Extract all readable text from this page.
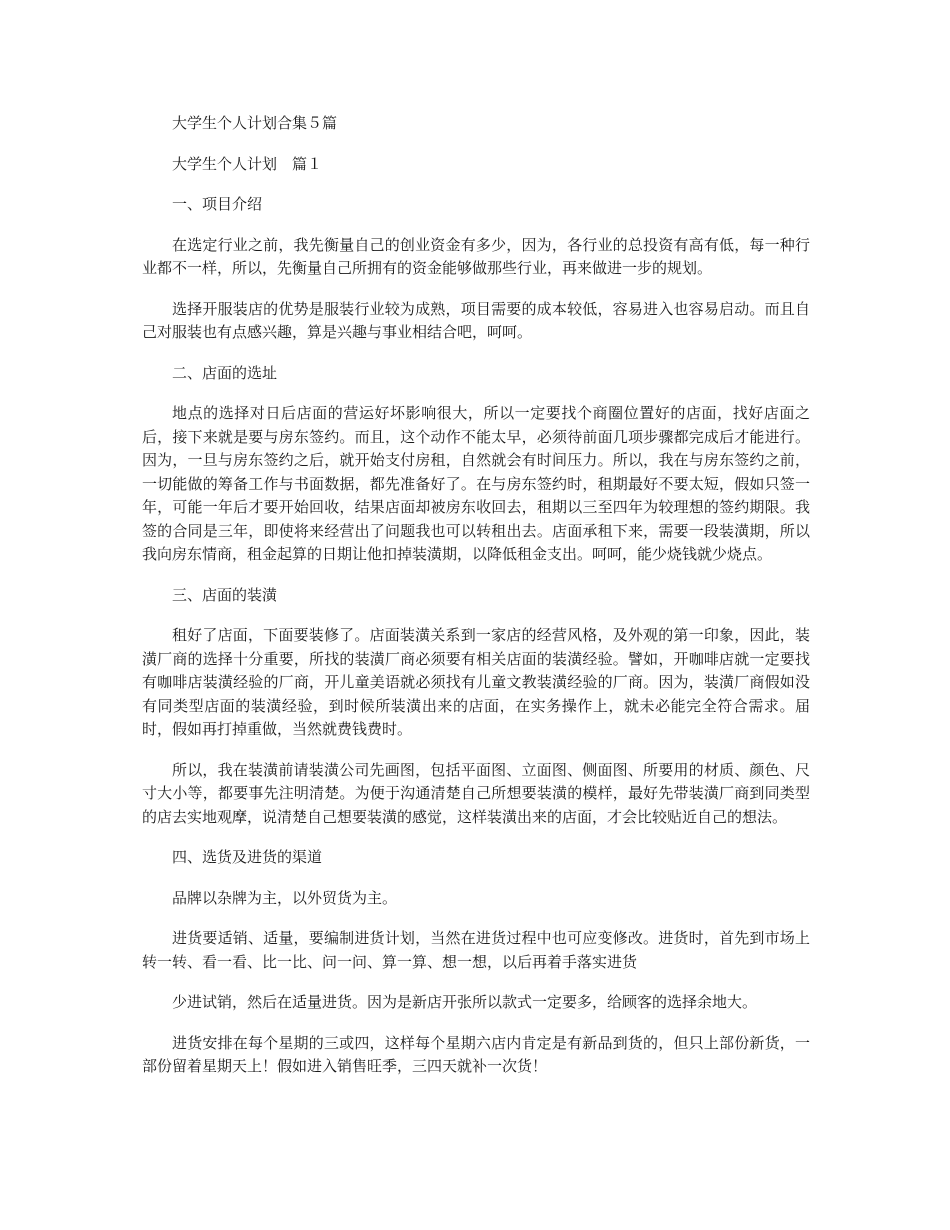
大学生个人计划合集５篇
大学生个人计划　篇１
一、项目介绍
在选定行业之前，我先衡量自己的创业资金有多少，因为，各行业的总投资有高有低，每一种行业都不一样，所以，先衡量自己所拥有的资金能够做那些行业，再来做进一步的规划。
选择开服装店的优势是服装行业较为成熟，项目需要的成本较低，容易进入也容易启动。而且自己对服装也有点感兴趣，算是兴趣与事业相结合吧，呵呵。
二、店面的选址
地点的选择对日后店面的营运好坏影响很大，所以一定要找个商圈位置好的店面，找好店面之后，接下来就是要与房东签约。而且，这个动作不能太早，必须待前面几项步骤都完成后才能进行。因为，一旦与房东签约之后，就开始支付房租，自然就会有时间压力。所以，我在与房东签约之前，一切能做的筹备工作与书面数据，都先准备好了。在与房东签约时，租期最好不要太短，假如只签一年，可能一年后才要开始回收，结果店面却被房东收回去，租期以三至四年为较理想的签约期限。我签的合同是三年，即使将来经营出了问题我也可以转租出去。店面承租下来，需要一段装潢期，所以我向房东情商，租金起算的日期让他扣掉装潢期，以降低租金支出。呵呵，能少烧钱就少烧点。
三、店面的装潢
租好了店面，下面要装修了。店面装潢关系到一家店的经营风格，及外观的第一印象，因此，装潢厂商的选择十分重要，所找的装潢厂商必须要有相关店面的装潢经验。譬如，开咖啡店就一定要找有咖啡店装潢经验的厂商，开儿童美语就必须找有儿童文教装潢经验的厂商。因为，装潢厂商假如没有同类型店面的装潢经验，到时候所装潢出来的店面，在实务操作上，就未必能完全符合需求。届时，假如再打掉重做，当然就费钱费时。
所以，我在装潢前请装潢公司先画图，包括平面图、立面图、侧面图、所要用的材质、颜色、尺寸大小等，都要事先注明清楚。为便于沟通清楚自己所想要装潢的模样，最好先带装潢厂商到同类型的店去实地观摩，说清楚自己想要装潢的感觉，这样装潢出来的店面，才会比较贴近自己的想法。
四、选货及进货的渠道
品牌以杂牌为主，以外贸货为主。
进货要适销、适量，要编制进货计划，当然在进货过程中也可应变修改。进货时，首先到市场上转一转、看一看、比一比、问一问、算一算、想一想，以后再着手落实进货
少进试销，然后在适量进货。因为是新店开张所以款式一定要多，给顾客的选择余地大。
进货安排在每个星期的三或四，这样每个星期六店内肯定是有新品到货的，但只上部份新货，一部份留着星期天上！假如进入销售旺季，三四天就补一次货！
